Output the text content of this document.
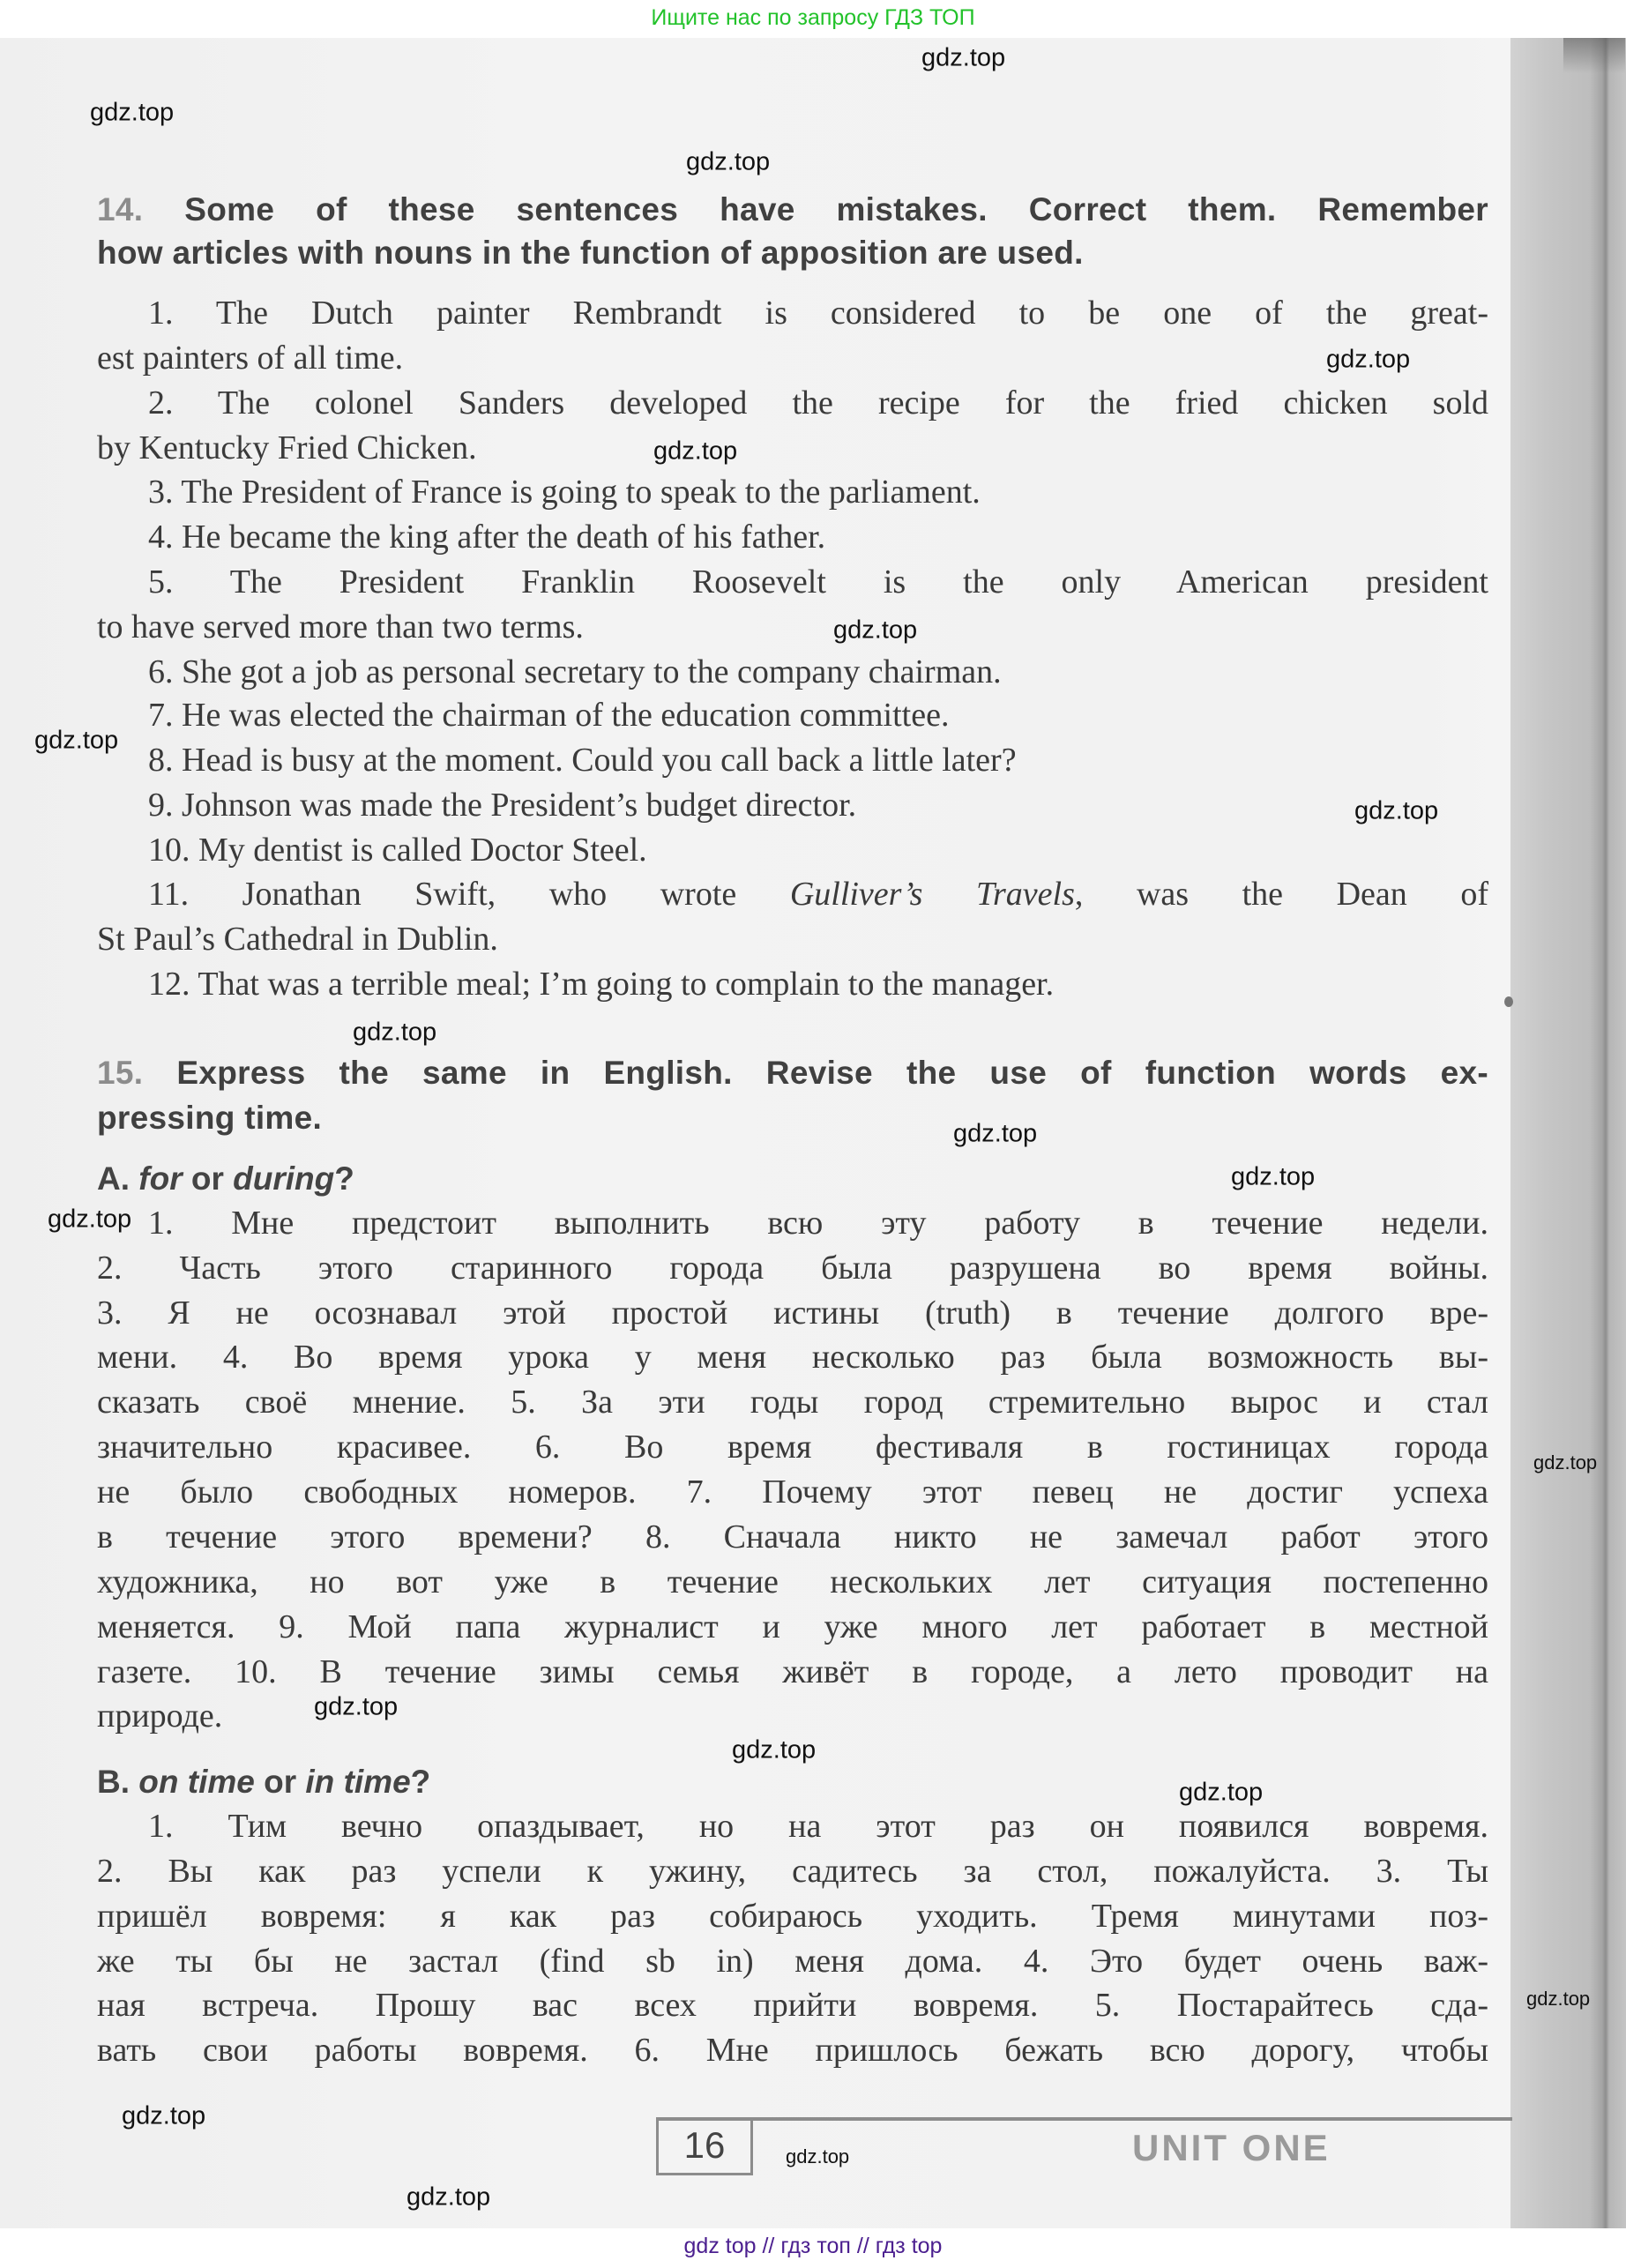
Ищите нас по запросу ГДЗ ТОП
14. Some of these sentences have mistakes. Correct them. Remember
how articles with nouns in the function of apposition are used.
1. The Dutch painter Rembrandt is considered to be one of the great-
est painters of all time.
2. The colonel Sanders developed the recipe for the fried chicken sold
by Kentucky Fried Chicken.
3. The President of France is going to speak to the parliament.
4. He became the king after the death of his father.
5. The President Franklin Roosevelt is the only American president
to have served more than two terms.
6. She got a job as personal secretary to the company chairman.
7. He was elected the chairman of the education committee.
8. Head is busy at the moment. Could you call back a little later?
9. Johnson was made the President’s budget director.
10. My dentist is called Doctor Steel.
11. Jonathan Swift, who wrote Gulliver’s Travels, was the Dean of
St Paul’s Cathedral in Dublin.
12. That was a terrible meal; I’m going to complain to the manager.
15. Express the same in English. Revise the use of function words ex-
pressing time.
A. for or during?
1. Мне предстоит выполнить всю эту работу в течение недели.
2. Часть этого старинного города была разрушена во время войны.
3. Я не осознавал этой простой истины (truth) в течение долгого вре-
мени. 4. Во время урока у меня несколько раз была возможность вы-
сказать своё мнение. 5. За эти годы город стремительно вырос и стал
значительно красивее. 6. Во время фестиваля в гостиницах города
не было свободных номеров. 7. Почему этот певец не достиг успеха
в течение этого времени? 8. Сначала никто не замечал работ этого
художника, но вот уже в течение нескольких лет ситуация постепенно
меняется. 9. Мой папа журналист и уже много лет работает в местной
газете. 10. В течение зимы семья живёт в городе, а лето проводит на
природе.
B. on time or in time?
1. Тим вечно опаздывает, но на этот раз он появился вовремя.
2. Вы как раз успели к ужину, садитесь за стол, пожалуйста. 3. Ты
пришёл вовремя: я как раз собираюсь уходить. Тремя минутами поз-
же ты бы не застал (find sb in) меня дома. 4. Это будет очень важ-
ная встреча. Прошу вас всех прийти вовремя. 5. Постарайтесь сда-
вать свои работы вовремя. 6. Мне пришлось бежать всю дорогу, чтобы
16	UNIT ONE
gdz.top
gdz.top
gdz.top
gdz.top
gdz.top
gdz.top
gdz.top
gdz.top
gdz.top
gdz.top
gdz.top
gdz.top
gdz.top
gdz.top
gdz.top
gdz.top
gdz.top
gdz.top
gdz.top
gdz.top
gdz top // гдз топ // гдз top
